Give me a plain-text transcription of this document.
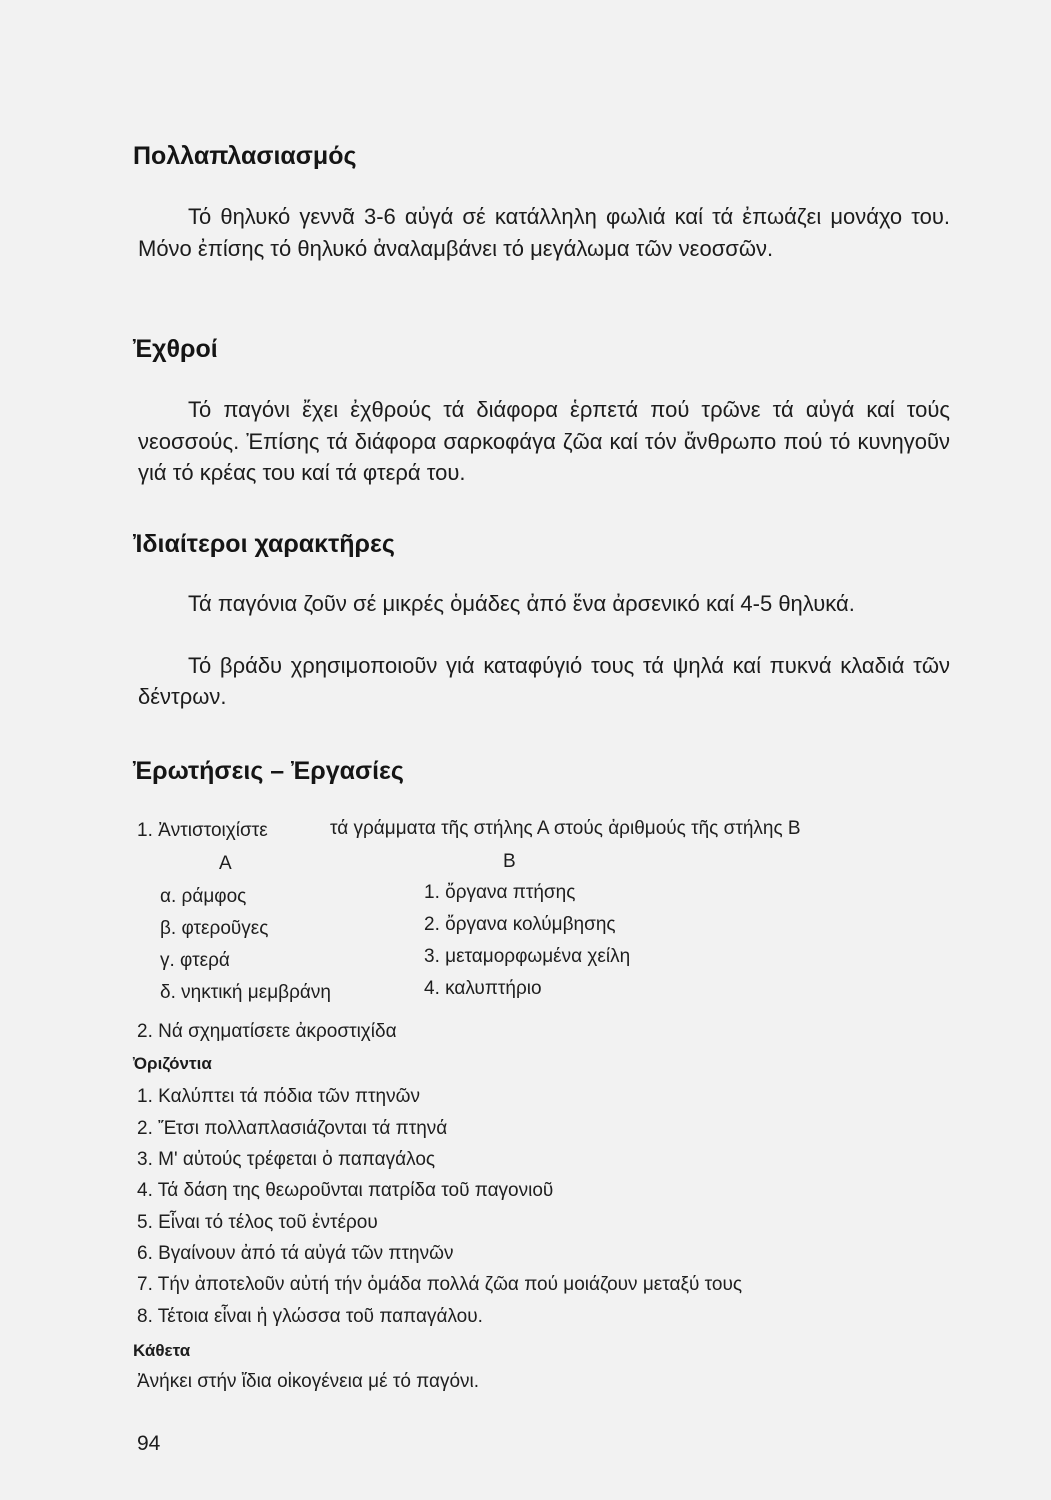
Πολλαπλασιασμός

Τό θηλυκό γεννᾶ 3-6 αὐγά σέ κατάλληλη φωλιά καί τά ἐπωάζει μονάχο του. Μόνο ἐπίσης τό θηλυκό ἀναλαμβάνει τό μεγάλωμα τῶν νεοσσῶν.

Ἐχθροί

Τό παγόνι ἔχει ἐχθρούς τά διάφορα ἑρπετά πού τρῶνε τά αὐγά καί τούς νεοσσούς. Ἐπίσης τά διάφορα σαρκοφάγα ζῶα καί τόν ἄνθρωπο πού τό κυνηγοῦν γιά τό κρέας του καί τά φτερά του.

Ἰδιαίτεροι χαρακτῆρες

Τά παγόνια ζοῦν σέ μικρές ὁμάδες ἀπό ἕνα ἀρσενικό καί 4-5 θηλυκά.

Τό βράδυ χρησιμοποιοῦν γιά καταφύγιό τους τά ψηλά καί πυκνά κλαδιά τῶν δέντρων.

Ἐρωτήσεις – Ἐργασίες
1. Ἀντιστοιχίστε	τά γράμματα τῆς στήλης Α στούς ἀριθμούς τῆς στήλης Β
Α	Β
α. ράμφος
β. φτεροῦγες
γ. φτερά
δ. νηκτική μεμβράνη
1. ὄργανα πτήσης
2. ὄργανα κολύμβησης
3. μεταμορφωμένα χείλη
4. καλυπτήριο
2. Νά σχηματίσετε ἀκροστιχίδα
Ὀριζόντια
1. Καλύπτει τά πόδια τῶν πτηνῶν
2. Ἔτσι πολλαπλασιάζονται τά πτηνά
3. Μ' αὐτούς τρέφεται ὁ παπαγάλος
4. Τά δάση της θεωροῦνται πατρίδα τοῦ παγονιοῦ
5. Εἶναι τό τέλος τοῦ ἐντέρου
6. Βγαίνουν ἀπό τά αὐγά τῶν πτηνῶν
7. Τήν ἀποτελοῦν αὐτή τήν ὁμάδα πολλά ζῶα πού μοιάζουν μεταξύ τους
8. Τέτοια εἶναι ἡ γλώσσα τοῦ παπαγάλου.
Κάθετα
Ἀνήκει στήν ἴδια οἰκογένεια μέ τό παγόνι.
94
